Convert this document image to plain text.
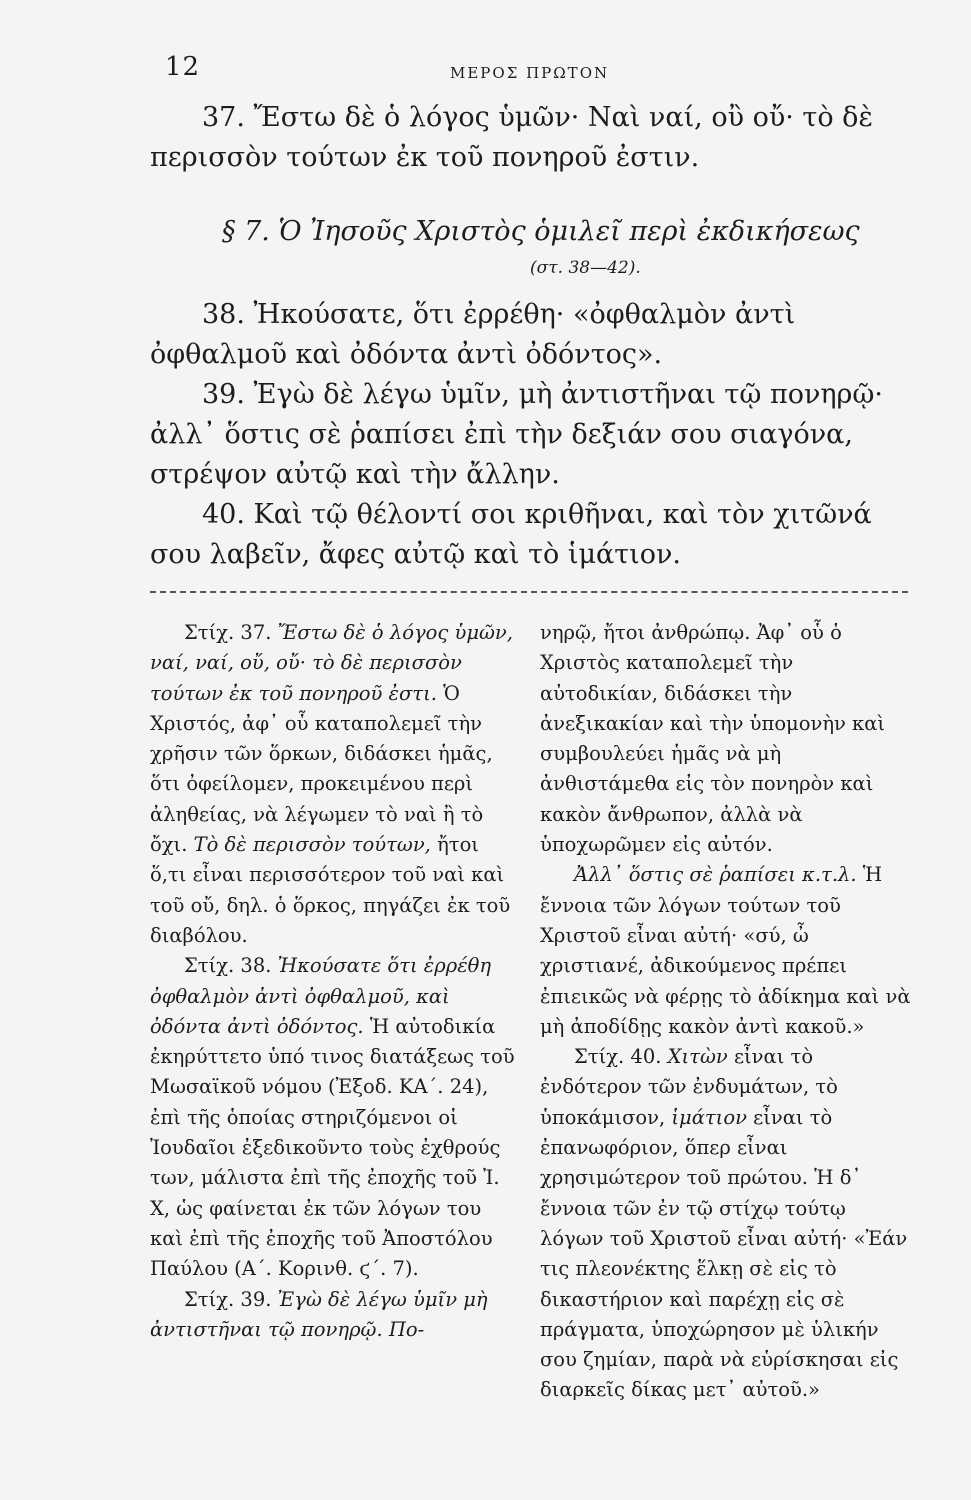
12	ΜΕΡΟΣ ΠΡΩΤΟΝ

37. Ἔστω δὲ ὁ λόγος ὑμῶν· Ναὶ ναί, οὒ οὔ· τὸ δὲ περισσὸν τούτων ἐκ τοῦ πονηροῦ ἐστιν.

§ 7. Ὁ Ἰησοῦς Χριστὸς ὁμιλεῖ περὶ ἐκδικήσεως
(στ. 38—42).

38. Ἠκούσατε, ὅτι ἐρρέθη· «ὀφθαλμὸν ἀντὶ ὀφθαλμοῦ καὶ ὀδόντα ἀντὶ ὀδόντος».

39. Ἐγὼ δὲ λέγω ὑμῖν, μὴ ἀντιστῆναι τῷ πονηρῷ· ἀλλ᾽ ὅστις σὲ ῥαπίσει ἐπὶ τὴν δεξιάν σου σιαγόνα, στρέψον αὐτῷ καὶ τὴν ἄλλην.

40. Καὶ τῷ θέλοντί σοι κριθῆναι, καὶ τὸν χιτῶνά σου λαβεῖν, ἄφες αὐτῷ καὶ τὸ ἱμάτιον.

Στίχ. 37. Ἔστω δὲ ὁ λόγος ὑμῶν, ναί, ναί, οὔ, οὔ· τὸ δὲ περισσὸν τούτων ἐκ τοῦ πονηροῦ ἐστι. Ὁ Χριστός, ἀφ᾽ οὗ καταπολεμεῖ τὴν χρῆσιν τῶν ὅρκων, διδάσκει ἡμᾶς, ὅτι ὀφείλομεν, προκειμένου περὶ ἀληθείας, νὰ λέγωμεν τὸ ναὶ ἢ τὸ ὄχι. Τὸ δὲ περισσὸν τούτων, ἤτοι ὅ,τι εἶναι περισσότερον τοῦ ναὶ καὶ τοῦ οὔ, δηλ. ὁ ὅρκος, πηγάζει ἐκ τοῦ διαβόλου.

Στίχ. 38. Ἠκούσατε ὅτι ἐρρέθη ὀφθαλμὸν ἀντὶ ὀφθαλμοῦ, καὶ ὀδόντα ἀντὶ ὀδόντος. Ἡ αὐτοδικία ἐκηρύττετο ὑπό τινος διατάξεως τοῦ Μωσαϊκοῦ νόμου (Ἐξοδ. ΚΑ΄. 24), ἐπὶ τῆς ὁποίας στηριζόμενοι οἱ Ἰουδαῖοι ἐξεδικοῦντο τοὺς ἐχθρούς των, μάλιστα ἐπὶ τῆς ἐποχῆς τοῦ Ἰ. Χ, ὡς φαίνεται ἐκ τῶν λόγων του καὶ ἐπὶ τῆς ἐποχῆς τοῦ Ἀποστόλου Παύλου (Α΄. Κορινθ. ϛ΄. 7).

Στίχ. 39. Ἐγὼ δὲ λέγω ὑμῖν μὴ ἀντιστῆναι τῷ πονηρῷ. Πο-

νηρῷ, ἤτοι ἀνθρώπῳ. Ἀφ᾽ οὗ ὁ Χριστὸς καταπολεμεῖ τὴν αὐτοδικίαν, διδάσκει τὴν ἀνεξικακίαν καὶ τὴν ὑπομονὴν καὶ συμβουλεύει ἡμᾶς νὰ μὴ ἀνθιστάμεθα εἰς τὸν πονηρὸν καὶ κακὸν ἄνθρωπον, ἀλλὰ νὰ ὑποχωρῶμεν εἰς αὐτόν.

Ἀλλ᾽ ὅστις σὲ ῥαπίσει κ.τ.λ. Ἡ ἔννοια τῶν λόγων τούτων τοῦ Χριστοῦ εἶναι αὐτή· «σύ, ὦ χριστιανέ, ἀδικούμενος πρέπει ἐπιεικῶς νὰ φέρῃς τὸ ἀδίκημα καὶ νὰ μὴ ἀποδίδῃς κακὸν ἀντὶ κακοῦ.»

Στίχ. 40. Χιτὼν εἶναι τὸ ἐνδότερον τῶν ἐνδυμάτων, τὸ ὑποκάμισον, ἱμάτιον εἶναι τὸ ἐπανωφόριον, ὅπερ εἶναι χρησιμώτερον τοῦ πρώτου. Ἡ δ᾽ ἔννοια τῶν ἐν τῷ στίχῳ τούτῳ λόγων τοῦ Χριστοῦ εἶναι αὐτή· «Ἐάν τις πλεονέκτης ἕλκῃ σὲ εἰς τὸ δικαστήριον καὶ παρέχῃ εἰς σὲ πράγματα, ὑποχώρησον μὲ ὑλικήν σου ζημίαν, παρὰ νὰ εὑρίσκησαι εἰς διαρκεῖς δίκας μετ᾽ αὐτοῦ.»
